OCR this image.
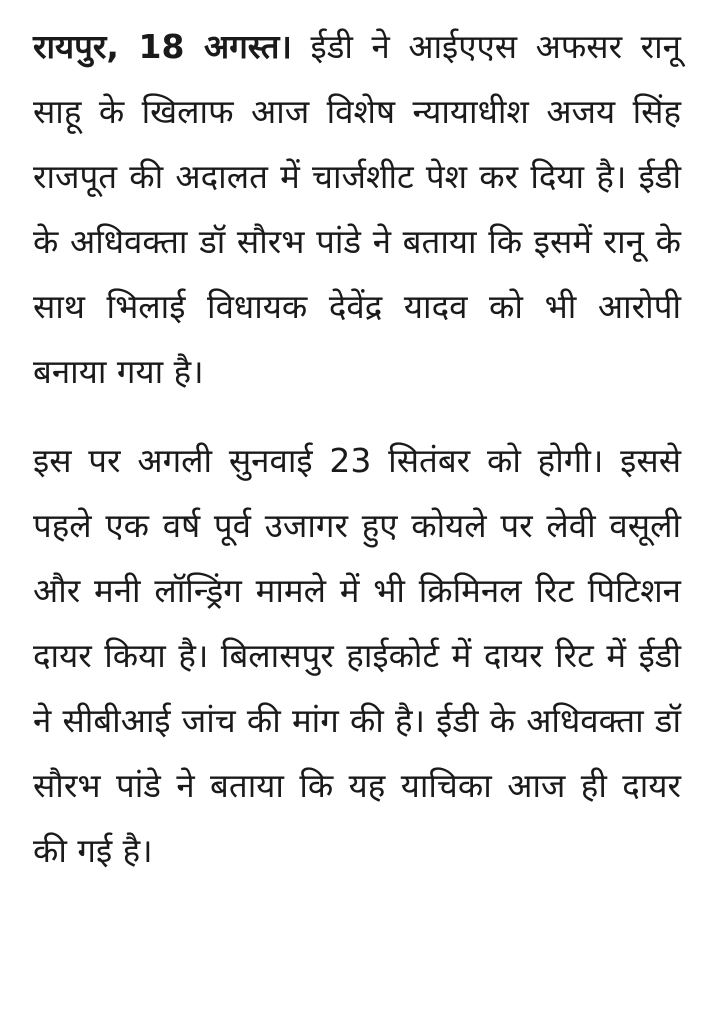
रायपुर, 18 अगस्त। ईडी ने आईएएस अफसर रानू साहू के खिलाफ आज विशेष न्यायाधीश अजय सिंह राजपूत की अदालत में चार्जशीट पेश कर दिया है। ईडी के अधिवक्ता डॉ सौरभ पांडे ने बताया कि इसमें रानू के साथ भिलाई विधायक देवेंद्र यादव को भी आरोपी बनाया गया है।

इस पर अगली सुनवाई 23 सितंबर को होगी। इससे पहले एक वर्ष पूर्व उजागर हुए कोयले पर लेवी वसूली और मनी लॉन्ड्रिंग मामले में भी क्रिमिनल रिट पिटिशन दायर किया है। बिलासपुर हाईकोर्ट में दायर रिट में ईडी ने सीबीआई जांच की मांग की है। ईडी के अधिवक्ता डॉ सौरभ पांडे ने बताया कि यह याचिका आज ही दायर की गई है।
